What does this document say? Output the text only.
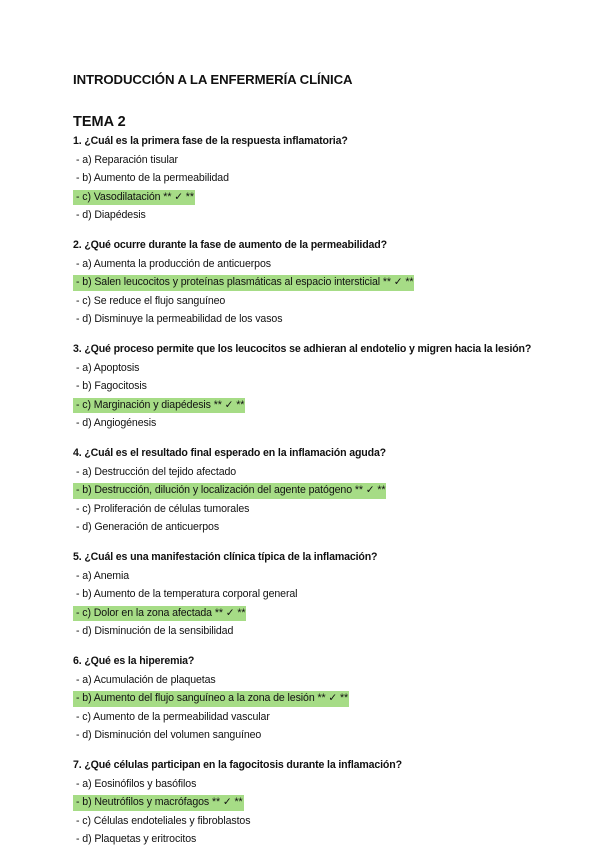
INTRODUCCIÓN A LA ENFERMERÍA CLÍNICA
TEMA 2
1. ¿Cuál es la primera fase de la respuesta inflamatoria?
- a) Reparación tisular
- b) Aumento de la permeabilidad
- c) Vasodilatación ** ✓ **
- d) Diapédesis
2. ¿Qué ocurre durante la fase de aumento de la permeabilidad?
- a) Aumenta la producción de anticuerpos
- b) Salen leucocitos y proteínas plasmáticas al espacio intersticial ** ✓ **
- c) Se reduce el flujo sanguíneo
- d) Disminuye la permeabilidad de los vasos
3. ¿Qué proceso permite que los leucocitos se adhieran al endotelio y migren hacia la lesión?
- a) Apoptosis
- b) Fagocitosis
- c) Marginación y diapédesis ** ✓ **
- d) Angiogénesis
4. ¿Cuál es el resultado final esperado en la inflamación aguda?
- a) Destrucción del tejido afectado
- b) Destrucción, dilución y localización del agente patógeno ** ✓ **
- c) Proliferación de células tumorales
- d) Generación de anticuerpos
5. ¿Cuál es una manifestación clínica típica de la inflamación?
- a) Anemia
- b) Aumento de la temperatura corporal general
- c) Dolor en la zona afectada ** ✓ **
- d) Disminución de la sensibilidad
6. ¿Qué es la hiperemia?
- a) Acumulación de plaquetas
- b) Aumento del flujo sanguíneo a la zona de lesión ** ✓ **
- c) Aumento de la permeabilidad vascular
- d) Disminución del volumen sanguíneo
7. ¿Qué células participan en la fagocitosis durante la inflamación?
- a) Eosinófilos y basófilos
- b) Neutrófilos y macrófagos ** ✓ **
- c) Células endoteliales y fibroblastos
- d) Plaquetas y eritrocitos
